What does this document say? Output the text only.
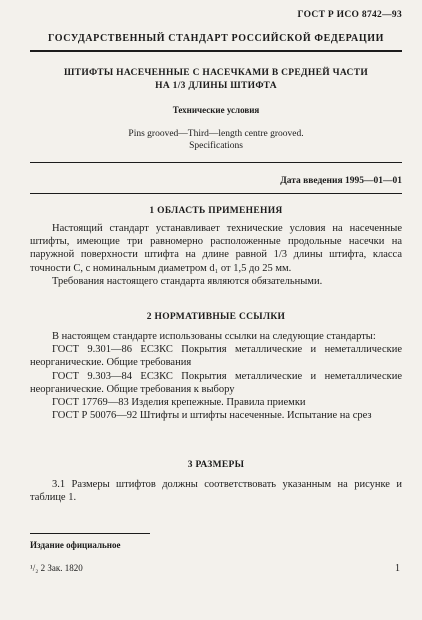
ГОСТ Р ИСО 8742—93
ГОСУДАРСТВЕННЫЙ СТАНДАРТ РОССИЙСКОЙ ФЕДЕРАЦИИ
ШТИФТЫ НАСЕЧЕННЫЕ С НАСЕЧКАМИ В СРЕДНЕЙ ЧАСТИ
НА 1/3 ДЛИНЫ ШТИФТА
Технические условия
Pins grooved—Third—length centre grooved.
Specifications
Дата введения 1995—01—01
1 ОБЛАСТЬ ПРИМЕНЕНИЯ

Настоящий стандарт устанавливает технические условия на насеченные штифты, имеющие три равномерно расположенные продольные насечки на паружной поверхности штифта на длине равной 1/3 длины штифта, класса точности С, с номинальным диаметром d₁ от 1,5 до 25 мм.

Требования настоящего стандарта являются обязательными.

2 НОРМАТИВНЫЕ ССЫЛКИ

В настоящем стандарте использованы ссылки на следующие стандарты:

ГОСТ 9.301—86 ЕСЗКС Покрытия металлические и неметаллические неорганические. Общие требования

ГОСТ 9.303—84 ЕСЗКС Покрытия металлические и неметаллические неорганические. Общие требования к выбору

ГОСТ 17769—83 Изделия крепежные. Правила приемки

ГОСТ Р 50076—92 Штифты и штифты насеченные. Испытание на срез

3 РАЗМЕРЫ

3.1 Размеры штифтов должны соответствовать указанным на рисунке и таблице 1.

Издание официальное
¹/₂ 2 Зак. 1820	1
